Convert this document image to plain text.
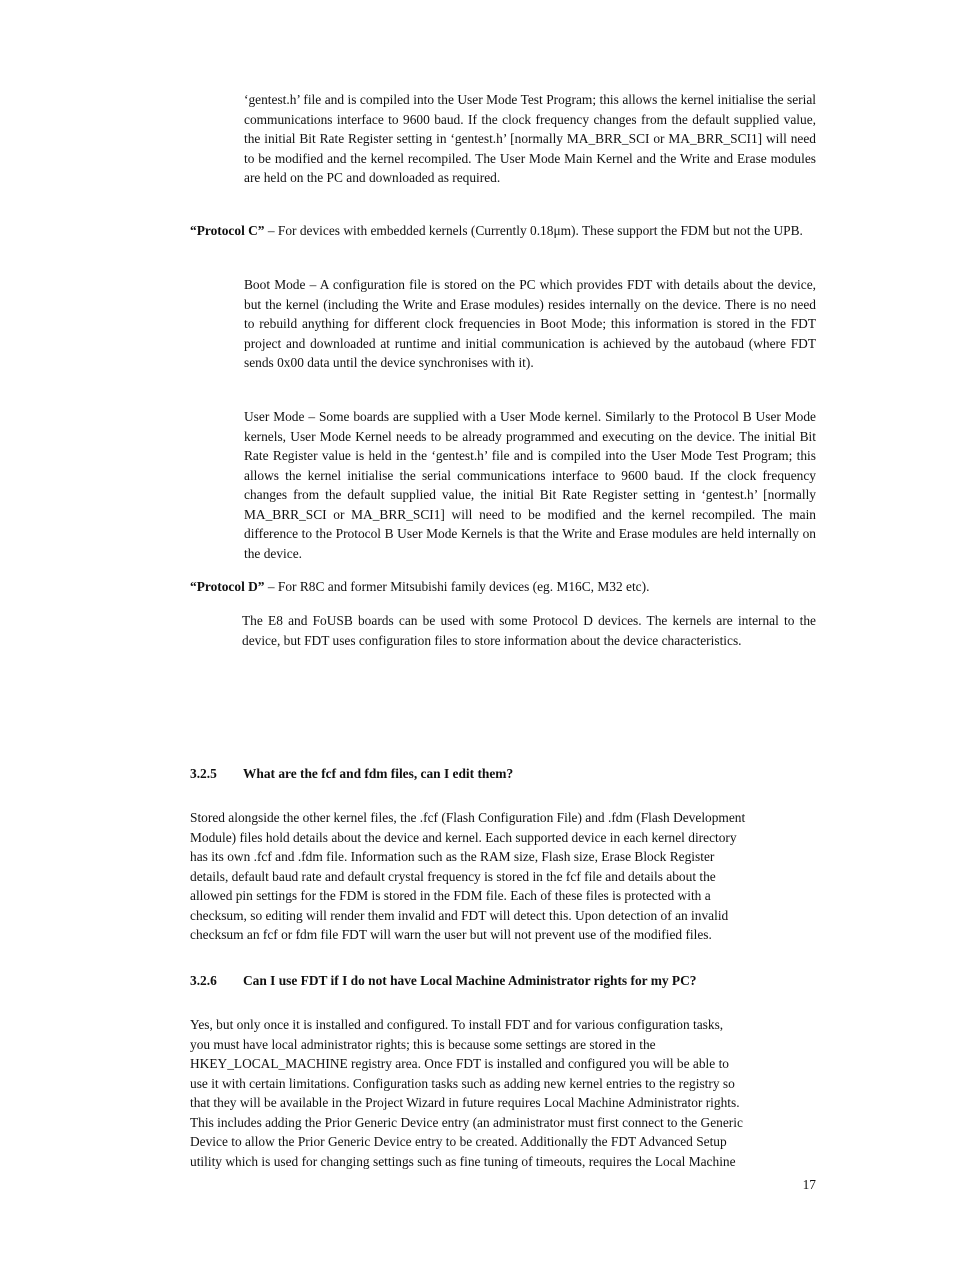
‘gentest.h’ file and is compiled into the User Mode Test Program; this allows the kernel initialise the serial communications interface to 9600 baud. If the clock frequency changes from the default supplied value, the initial Bit Rate Register setting in ‘gentest.h’ [normally MA_BRR_SCI or MA_BRR_SCI1] will need to be modified and the kernel recompiled. The User Mode Main Kernel and the Write and Erase modules are held on the PC and downloaded as required.

“Protocol C” – For devices with embedded kernels (Currently 0.18μm). These support the FDM but not the UPB.

Boot Mode – A configuration file is stored on the PC which provides FDT with details about the device, but the kernel (including the Write and Erase modules) resides internally on the device. There is no need to rebuild anything for different clock frequencies in Boot Mode; this information is stored in the FDT project and downloaded at runtime and initial communication is achieved by the autobaud (where FDT sends 0x00 data until the device synchronises with it).

User Mode – Some boards are supplied with a User Mode kernel. Similarly to the Protocol B User Mode kernels, User Mode Kernel needs to be already programmed and executing on the device. The initial Bit Rate Register value is held in the ‘gentest.h’ file and is compiled into the User Mode Test Program; this allows the kernel initialise the serial communications interface to 9600 baud. If the clock frequency changes from the default supplied value, the initial Bit Rate Register setting in ‘gentest.h’ [normally MA_BRR_SCI or MA_BRR_SCI1] will need to be modified and the kernel recompiled. The main difference to the Protocol B User Mode Kernels is that the Write and Erase modules are held internally on the device.

“Protocol D” – For R8C and former Mitsubishi family devices (eg. M16C, M32 etc).

The E8 and FoUSB boards can be used with some Protocol D devices. The kernels are internal to the device, but FDT uses configuration files to store information about the device characteristics.

3.2.5 What are the fcf and fdm files, can I edit them?
Stored alongside the other kernel files, the .fcf (Flash Configuration File) and .fdm (Flash Development
Module) files hold details about the device and kernel. Each supported device in each kernel directory
has its own .fcf and .fdm file. Information such as the RAM size, Flash size, Erase Block Register
details, default baud rate and default crystal frequency is stored in the fcf file and details about the
allowed pin settings for the FDM is stored in the FDM file. Each of these files is protected with a
checksum, so editing will render them invalid and FDT will detect this. Upon detection of an invalid
checksum an fcf or fdm file FDT will warn the user but will not prevent use of the modified files.
3.2.6 Can I use FDT if I do not have Local Machine Administrator rights for my PC?
Yes, but only once it is installed and configured. To install FDT and for various configuration tasks,
you must have local administrator rights; this is because some settings are stored in the
HKEY_LOCAL_MACHINE registry area. Once FDT is installed and configured you will be able to
use it with certain limitations. Configuration tasks such as adding new kernel entries to the registry so
that they will be available in the Project Wizard in future requires Local Machine Administrator rights.
This includes adding the Prior Generic Device entry (an administrator must first connect to the Generic
Device to allow the Prior Generic Device entry to be created. Additionally the FDT Advanced Setup
utility which is used for changing settings such as fine tuning of timeouts, requires the Local Machine
17
